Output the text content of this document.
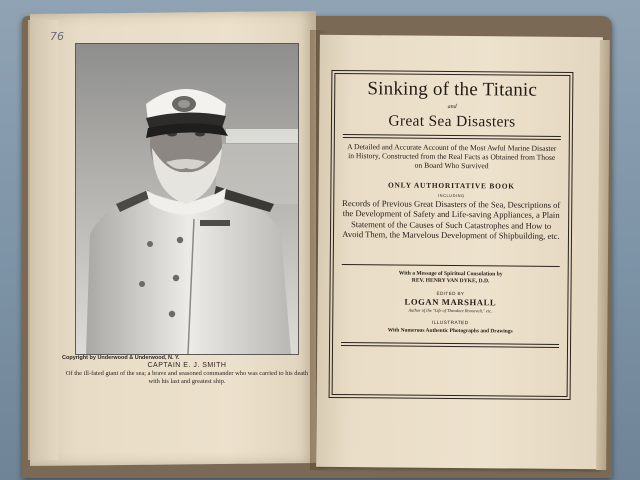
76
Copyright by Underwood & Underwood, N. Y.
CAPTAIN E. J. SMITH
Of the ill-fated giant of the sea; a brave and seasoned commander who was carried to his death with his last and greatest ship.
Sinking of the Titanic
and
Great Sea Disasters
A Detailed and Accurate Account of the Most Awful Marine Disaster in History, Constructed from the Real Facts as Obtained from Those on Board Who Survived
ONLY AUTHORITATIVE BOOK
INCLUDING
Records of Previous Great Disasters of the Sea, Descriptions of the Development of Safety and Life-saving Appliances, a Plain Statement of the Causes of Such Catastrophes and How to Avoid Them, the Marvelous Development of Shipbuilding, etc.
With a Message of Spiritual Consolation by
REV. HENRY VAN DYKE, D.D.
EDITED BY
LOGAN MARSHALL
Author of the "Life of Theodore Roosevelt," etc.
ILLUSTRATED
With Numerous Authentic Photographs and Drawings
